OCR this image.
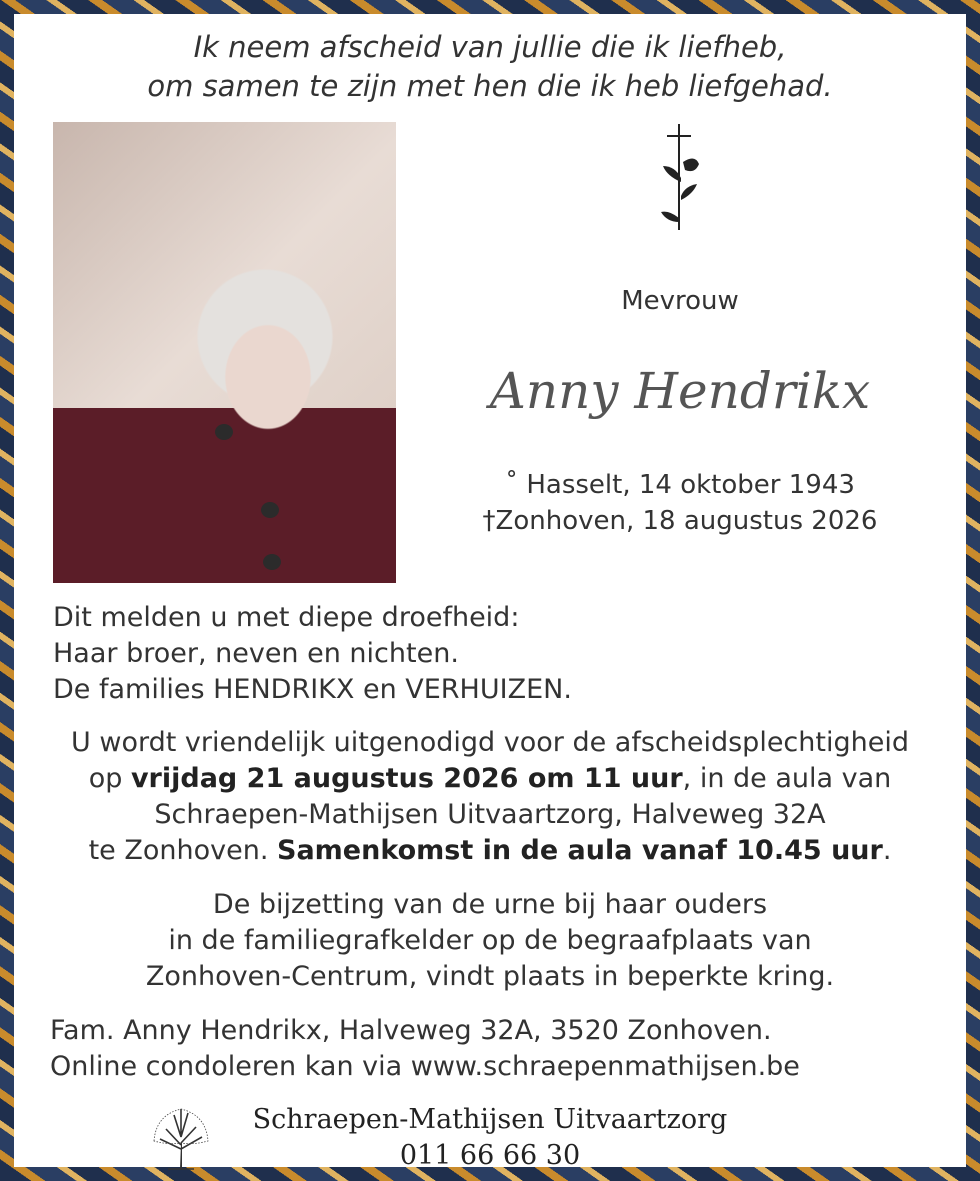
Ik neem afscheid van jullie die ik liefheb,
om samen te zijn met hen die ik heb liefgehad.
Mevrouw
Anny Hendrikx
˚ Hasselt, 14 oktober 1943
†Zonhoven, 18 augustus 2026
Dit melden u met diepe droefheid:
Haar broer, neven en nichten.
De families HENDRIKX en VERHUIZEN.
U wordt vriendelijk uitgenodigd voor de afscheidsplechtigheid
op vrijdag 21 augustus 2026 om 11 uur, in de aula van
Schraepen-Mathijsen Uitvaartzorg, Halveweg 32A
te Zonhoven. Samenkomst in de aula vanaf 10.45 uur.
De bijzetting van de urne bij haar ouders
in de familiegrafkelder op de begraafplaats van
Zonhoven-Centrum, vindt plaats in beperkte kring.
Fam. Anny Hendrikx, Halveweg 32A, 3520 Zonhoven.
Online condoleren kan via www.schraepenmathijsen.be
Schraepen-Mathijsen Uitvaartzorg
011 66 66 30
